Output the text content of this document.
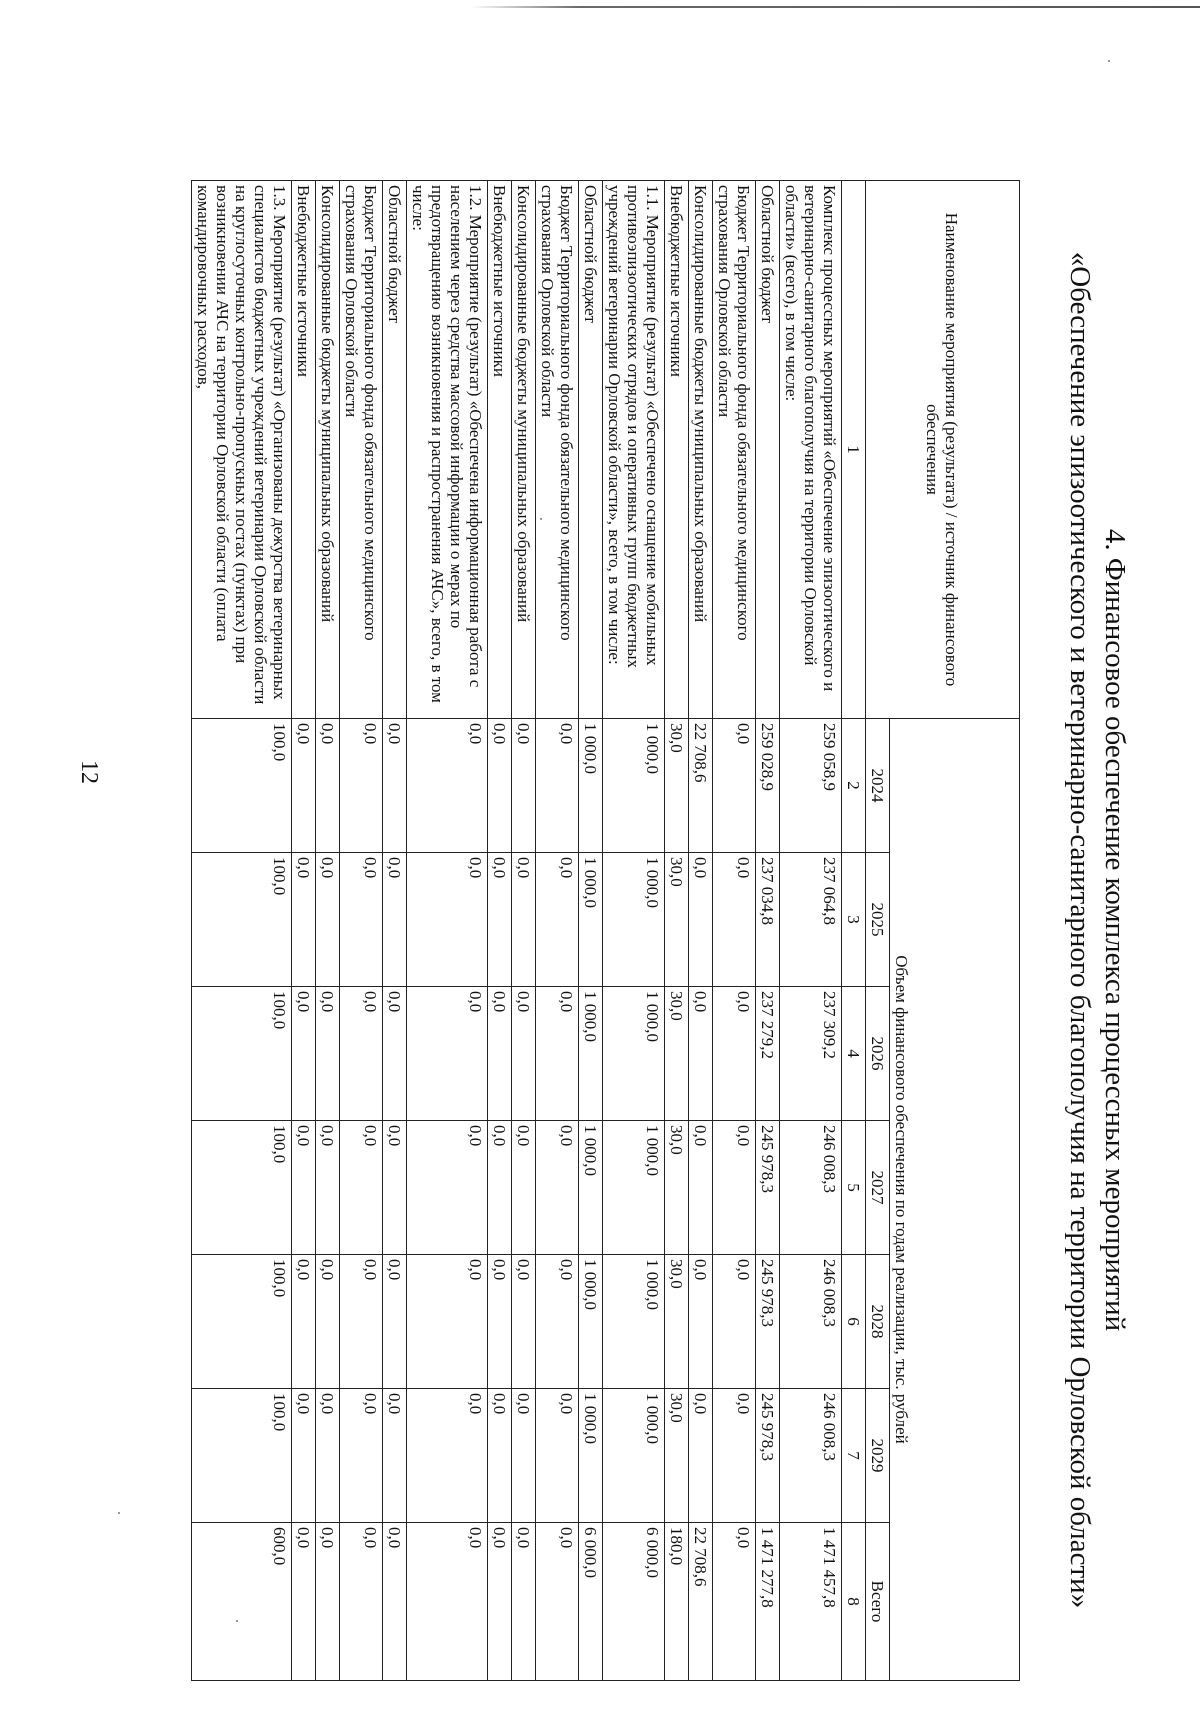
4. Финансовое обеспечение комплекса процессных мероприятий
«Обеспечение эпизоотического и ветеринарно-санитарного благополучия на территории Орловской области»
Наименование мероприятия (результата) / источник финансового обеспечения	Объем финансового обеспечения по годам реализации, тыс. рублей						
	2024	2025	2026	2027	2028	2029	Всего
1	2	3	4	5	6	7	8
Комплекс процессных мероприятий «Обеспечение эпизоотического и ветеринарно-санитарного благополучия на территории Орловской области» (всего), в том числе:	259 058,9	237 064,8	237 309,2	246 008,3	246 008,3	246 008,3	1 471 457,8
Областной бюджет	259 028,9	237 034,8	237 279,2	245 978,3	245 978,3	245 978,3	1 471 277,8
Бюджет Территориального фонда обязательного медицинского страхования Орловской области	0,0	0,0	0,0	0,0	0,0	0,0	0,0
Консолидированные бюджеты муниципальных образований	22 708,6	0,0	0,0	0,0	0,0	0,0	22 708,6
Внебюджетные источники	30,0	30,0	30,0	30,0	30,0	30,0	180,0
1.1. Мероприятие (результат) «Обеспечено оснащение мобильных противоэпизоотических отрядов и оперативных групп бюджетных учреждений ветеринарии Орловской области», всего, в том числе:	1 000,0	1 000,0	1 000,0	1 000,0	1 000,0	1 000,0	6 000,0
Областной бюджет	1 000,0	1 000,0	1 000,0	1 000,0	1 000,0	1 000,0	6 000,0
Бюджет Территориального фонда обязательного медицинского страхования Орловской области	0,0	0,0	0,0	0,0	0,0	0,0	0,0
Консолидированные бюджеты муниципальных образований	0,0	0,0	0,0	0,0	0,0	0,0	0,0
Внебюджетные источники	0,0	0,0	0,0	0,0	0,0	0,0	0,0
1.2. Мероприятие (результат) «Обеспечена информационная работа с населением через средства массовой информации о мерах по предотвращению возникновения и распространения АЧС», всего, в том числе:	0,0	0,0	0,0	0,0	0,0	0,0	0,0
Областной бюджет	0,0	0,0	0,0	0,0	0,0	0,0	0,0
Бюджет Территориального фонда обязательного медицинского страхования Орловской области	0,0	0,0	0,0	0,0	0,0	0,0	0,0
Консолидированные бюджеты муниципальных образований	0,0	0,0	0,0	0,0	0,0	0,0	0,0
Внебюджетные источники	0,0	0,0	0,0	0,0	0,0	0,0	0,0
1.3. Мероприятие (результат) «Организованы дежурства ветеринарных специалистов бюджетных учреждений ветеринарии Орловской области на круглосуточных контрольно-пропускных постах (пунктах) при возникновении АЧС на территории Орловской области (оплата командировочных расходов,	100,0	100,0	100,0	100,0	100,0	100,0	600,0
12
